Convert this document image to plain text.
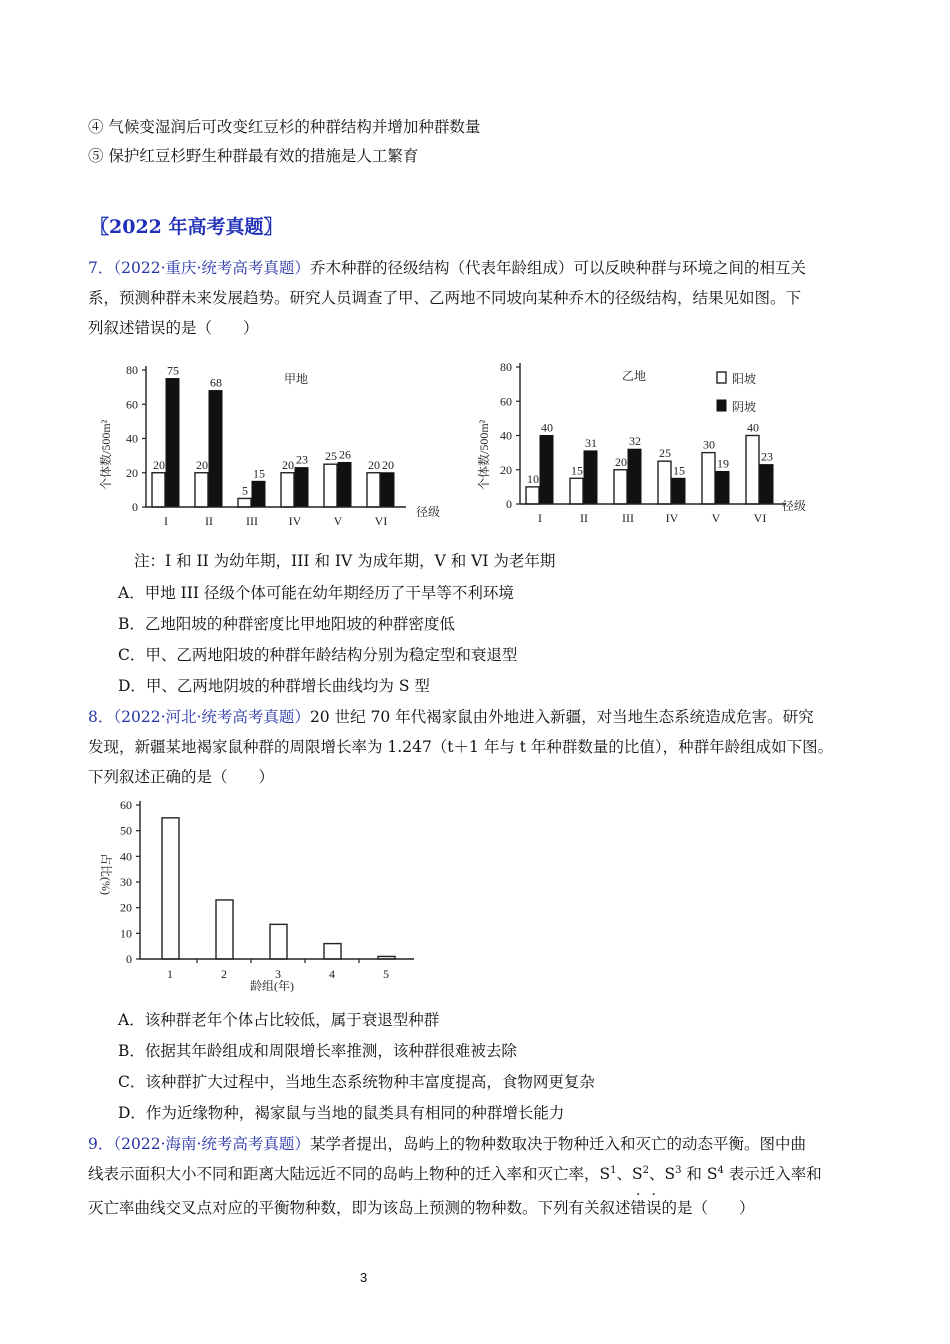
④ 气候变湿润后可改变红豆杉的种群结构并增加种群数量
⑤ 保护红豆杉野生种群最有效的措施是人工繁育
〖2022 年高考真题〗
7．（2022·重庆·统考高考真题）乔木种群的径级结构（代表年龄组成）可以反映种群与环境之间的相互关
系，预测种群未来发展趋势。研究人员调查了甲、乙两地不同坡向某种乔木的径级结构，结果见如图。下
列叙述错误的是（　　）
甲地
个体数/500m²
0
20
40
60
80
20
75
20
68
5
15
20 23 25 26
20 20
I	II	III	IV	V	VI
径级
乙地
个体数/500m²
阳坡
阴坡
0
20
40
60
80
10
40
15
31
20
32
25
15
30
19
40
23
I	II	III	IV	V	VI
径级
注：I 和 II 为幼年期，III 和 IV 为成年期，V 和 VI 为老年期
A．甲地 III 径级个体可能在幼年期经历了干旱等不利环境
B．乙地阳坡的种群密度比甲地阳坡的种群密度低
C．甲、乙两地阳坡的种群年龄结构分别为稳定型和衰退型
D．甲、乙两地阴坡的种群增长曲线均为 S 型
8．（2022·河北·统考高考真题）20 世纪 70 年代褐家鼠由外地进入新疆，对当地生态系统造成危害。研究
发现，新疆某地褐家鼠种群的周限增长率为 1.247（t＋1 年与 t 年种群数量的比值），种群年龄组成如下图。
下列叙述正确的是（　　）
占比(%)
0
10
20
30
40
50
60
1	2	3	4	5
龄组(年)
A．该种群老年个体占比较低，属于衰退型种群
B．依据其年龄组成和周限增长率推测，该种群很难被去除
C．该种群扩大过程中，当地生态系统物种丰富度提高，食物网更复杂
D．作为近缘物种，褐家鼠与当地的鼠类具有相同的种群增长能力
9．（2022·海南·统考高考真题）某学者提出，岛屿上的物种数取决于物种迁入和灭亡的动态平衡。图中曲
线表示面积大小不同和距离大陆远近不同的岛屿上物种的迁入率和灭亡率，$S^1$、$S^2$、$S^3$ 和 $S^4$ 表示迁入率和
灭亡率曲线交叉点对应的平衡物种数，即为该岛上预测的物种数。下列有关叙述错误的是（　　）
3
